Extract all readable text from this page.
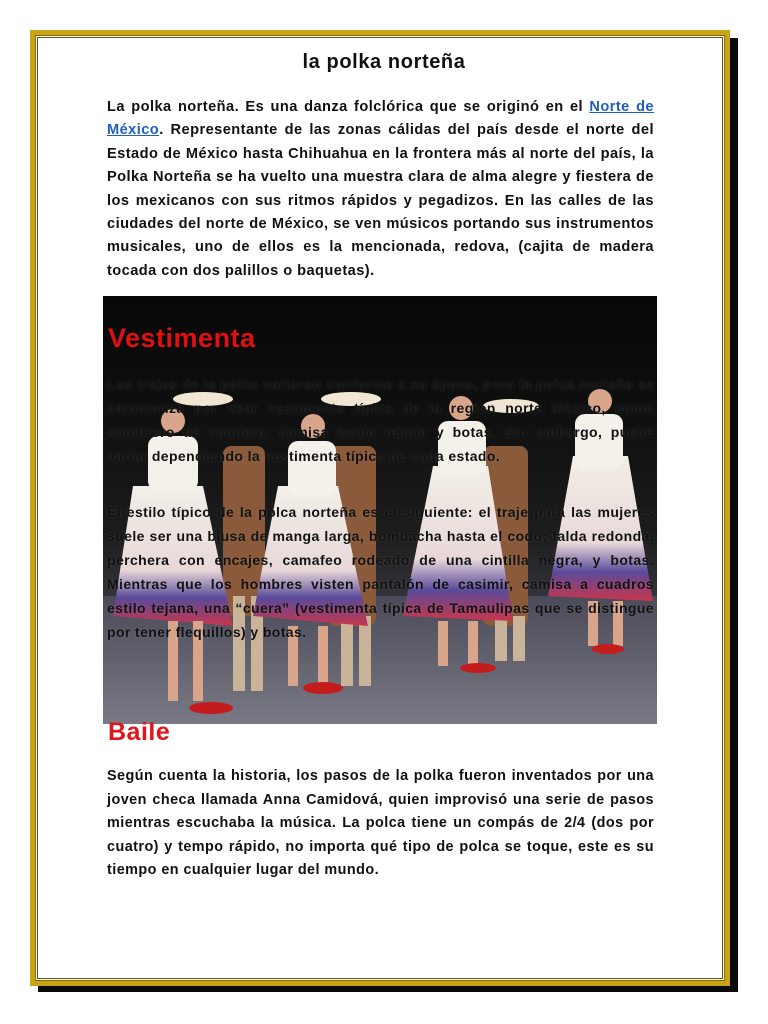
la polka norteña

La polka norteña. Es una danza folclórica que se originó en el Norte de México. Representante de las zonas cálidas del país desde el norte del Estado de México hasta Chihuahua en la frontera más al norte del país, la Polka Norteña se ha vuelto una muestra clara de alma alegre y fiestera de los mexicanos con sus ritmos rápidos y pegadizos. En las calles de las ciudades del norte de México, se ven músicos portando sus instrumentos musicales, uno de ellos es la mencionada, redova, (cajita de madera tocada con dos palillos o baquetas).

Vestimenta

Los trajes de la polka variaron conforme a su época, pero la polca norteña se caracteriza por usar vestimenta típica de la región norte México, como sombrero de vaquero, camisa estilo tejana y botas. Sin embargo, puede variar dependiendo la vestimenta típica de cada estado.

El estilo típico de la polca norteña es el siguiente: el traje para las mujeres suele ser una blusa de manga larga, bombacha hasta el codo; falda redonda, perchera con encajes, camafeo rodeado de una cintilla negra, y botas. Mientras que los hombres visten pantalón de casimir, camisa a cuadros estilo tejana, una “cuera” (vestimenta típica de Tamaulipas que se distingue por tener flequillos) y botas.

Baile

Según cuenta la historia, los pasos de la polka fueron inventados por una joven checa llamada Anna Camidová, quien improvisó una serie de pasos mientras escuchaba la música. La polca tiene un compás de 2/4 (dos por cuatro) y tempo rápido, no importa qué tipo de polca se toque, este es su tiempo en cualquier lugar del mundo.
